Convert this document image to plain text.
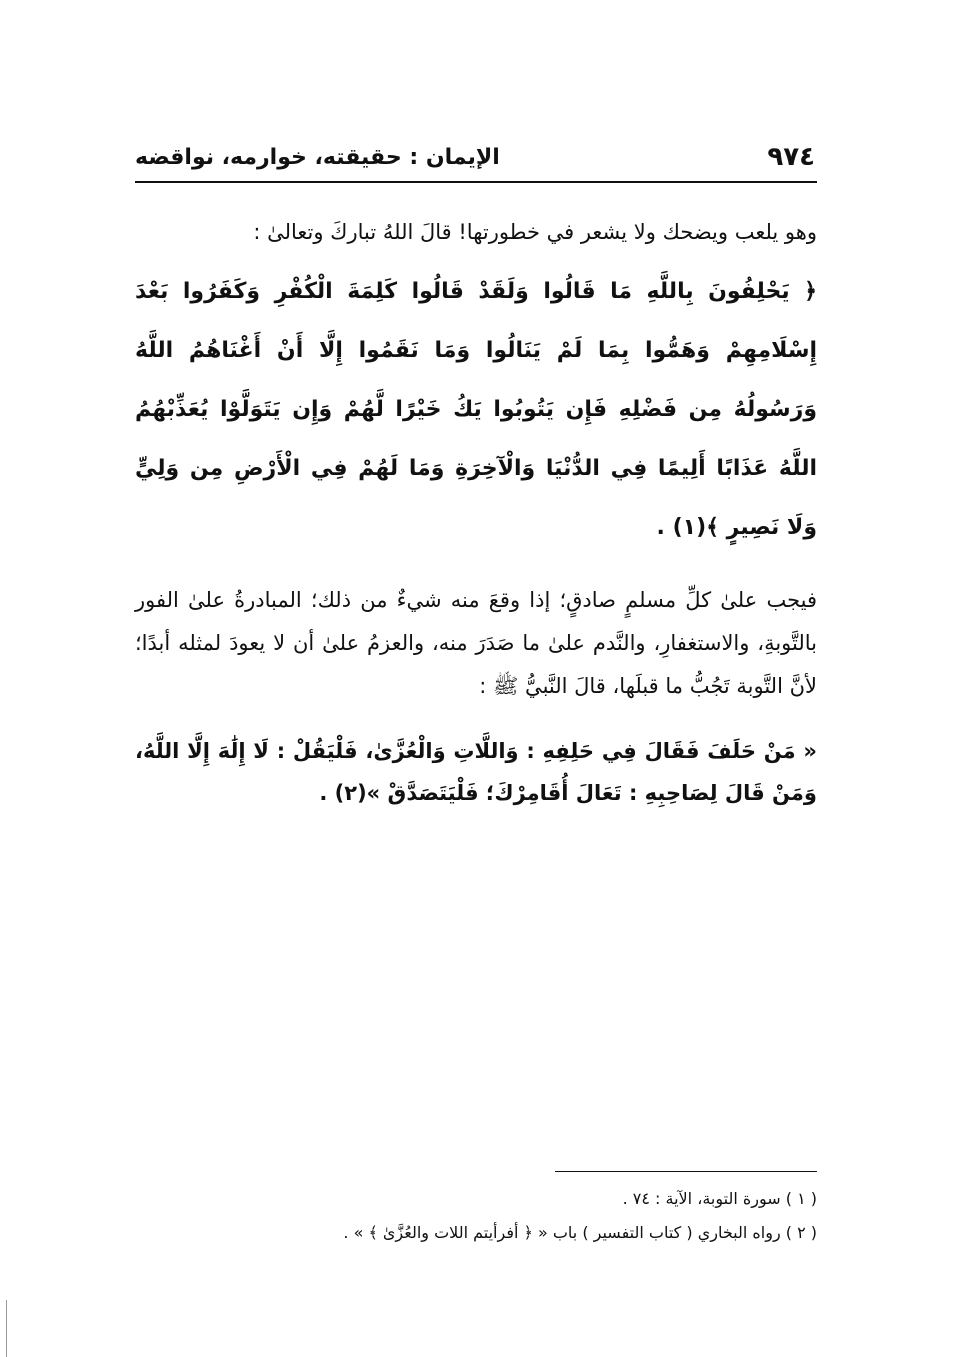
٩٧٤
الإيمان : حقيقته، خوارمه، نواقضه

وهو يلعب ويضحك ولا يشعر في خطورتها! قالَ اللهُ تباركَ وتعالىٰ :

﴿ يَحْلِفُونَ بِاللَّهِ مَا قَالُوا وَلَقَدْ قَالُوا كَلِمَةَ الْكُفْرِ وَكَفَرُوا بَعْدَ إِسْلَامِهِمْ وَهَمُّوا بِمَا لَمْ يَنَالُوا وَمَا نَقَمُوا إِلَّا أَنْ أَغْنَاهُمُ اللَّهُ وَرَسُولُهُ مِن فَضْلِهِ فَإِن يَتُوبُوا يَكُ خَيْرًا لَّهُمْ وَإِن يَتَوَلَّوْا يُعَذِّبْهُمُ اللَّهُ عَذَابًا أَلِيمًا فِي الدُّنْيَا وَالْآخِرَةِ وَمَا لَهُمْ فِي الْأَرْضِ مِن وَلِيٍّ وَلَا نَصِيرٍ ﴾(١) .

فيجب علىٰ كلِّ مسلمٍ صادقٍ؛ إذا وقعَ منه شيءٌ من ذلك؛ المبادرةُ علىٰ الفور بالتَّوبةِ، والاستغفارِ، والنَّدم علىٰ ما صَدَرَ منه، والعزمُ علىٰ أن لا يعودَ لمثله أبدًا؛ لأنَّ التَّوبة تَجُبُّ ما قبلَها، قالَ النَّبيُّ ﷺ :

« مَنْ حَلَفَ فَقَالَ فِي حَلِفِهِ : وَاللَّاتِ وَالْعُزَّىٰ، فَلْيَقُلْ : لَا إِلَٰهَ إِلَّا اللَّهُ، وَمَنْ قَالَ لِصَاحِبِهِ : تَعَالَ أُقَامِرْكَ؛ فَلْيَتَصَدَّقْ »(٢) .

( ١ ) سورة التوبة، الآية : ٧٤ .

( ٢ ) رواه البخاري ( كتاب التفسير ) باب « ﴿ أفرأيتم اللات والعُزَّىٰ ﴾ » .
